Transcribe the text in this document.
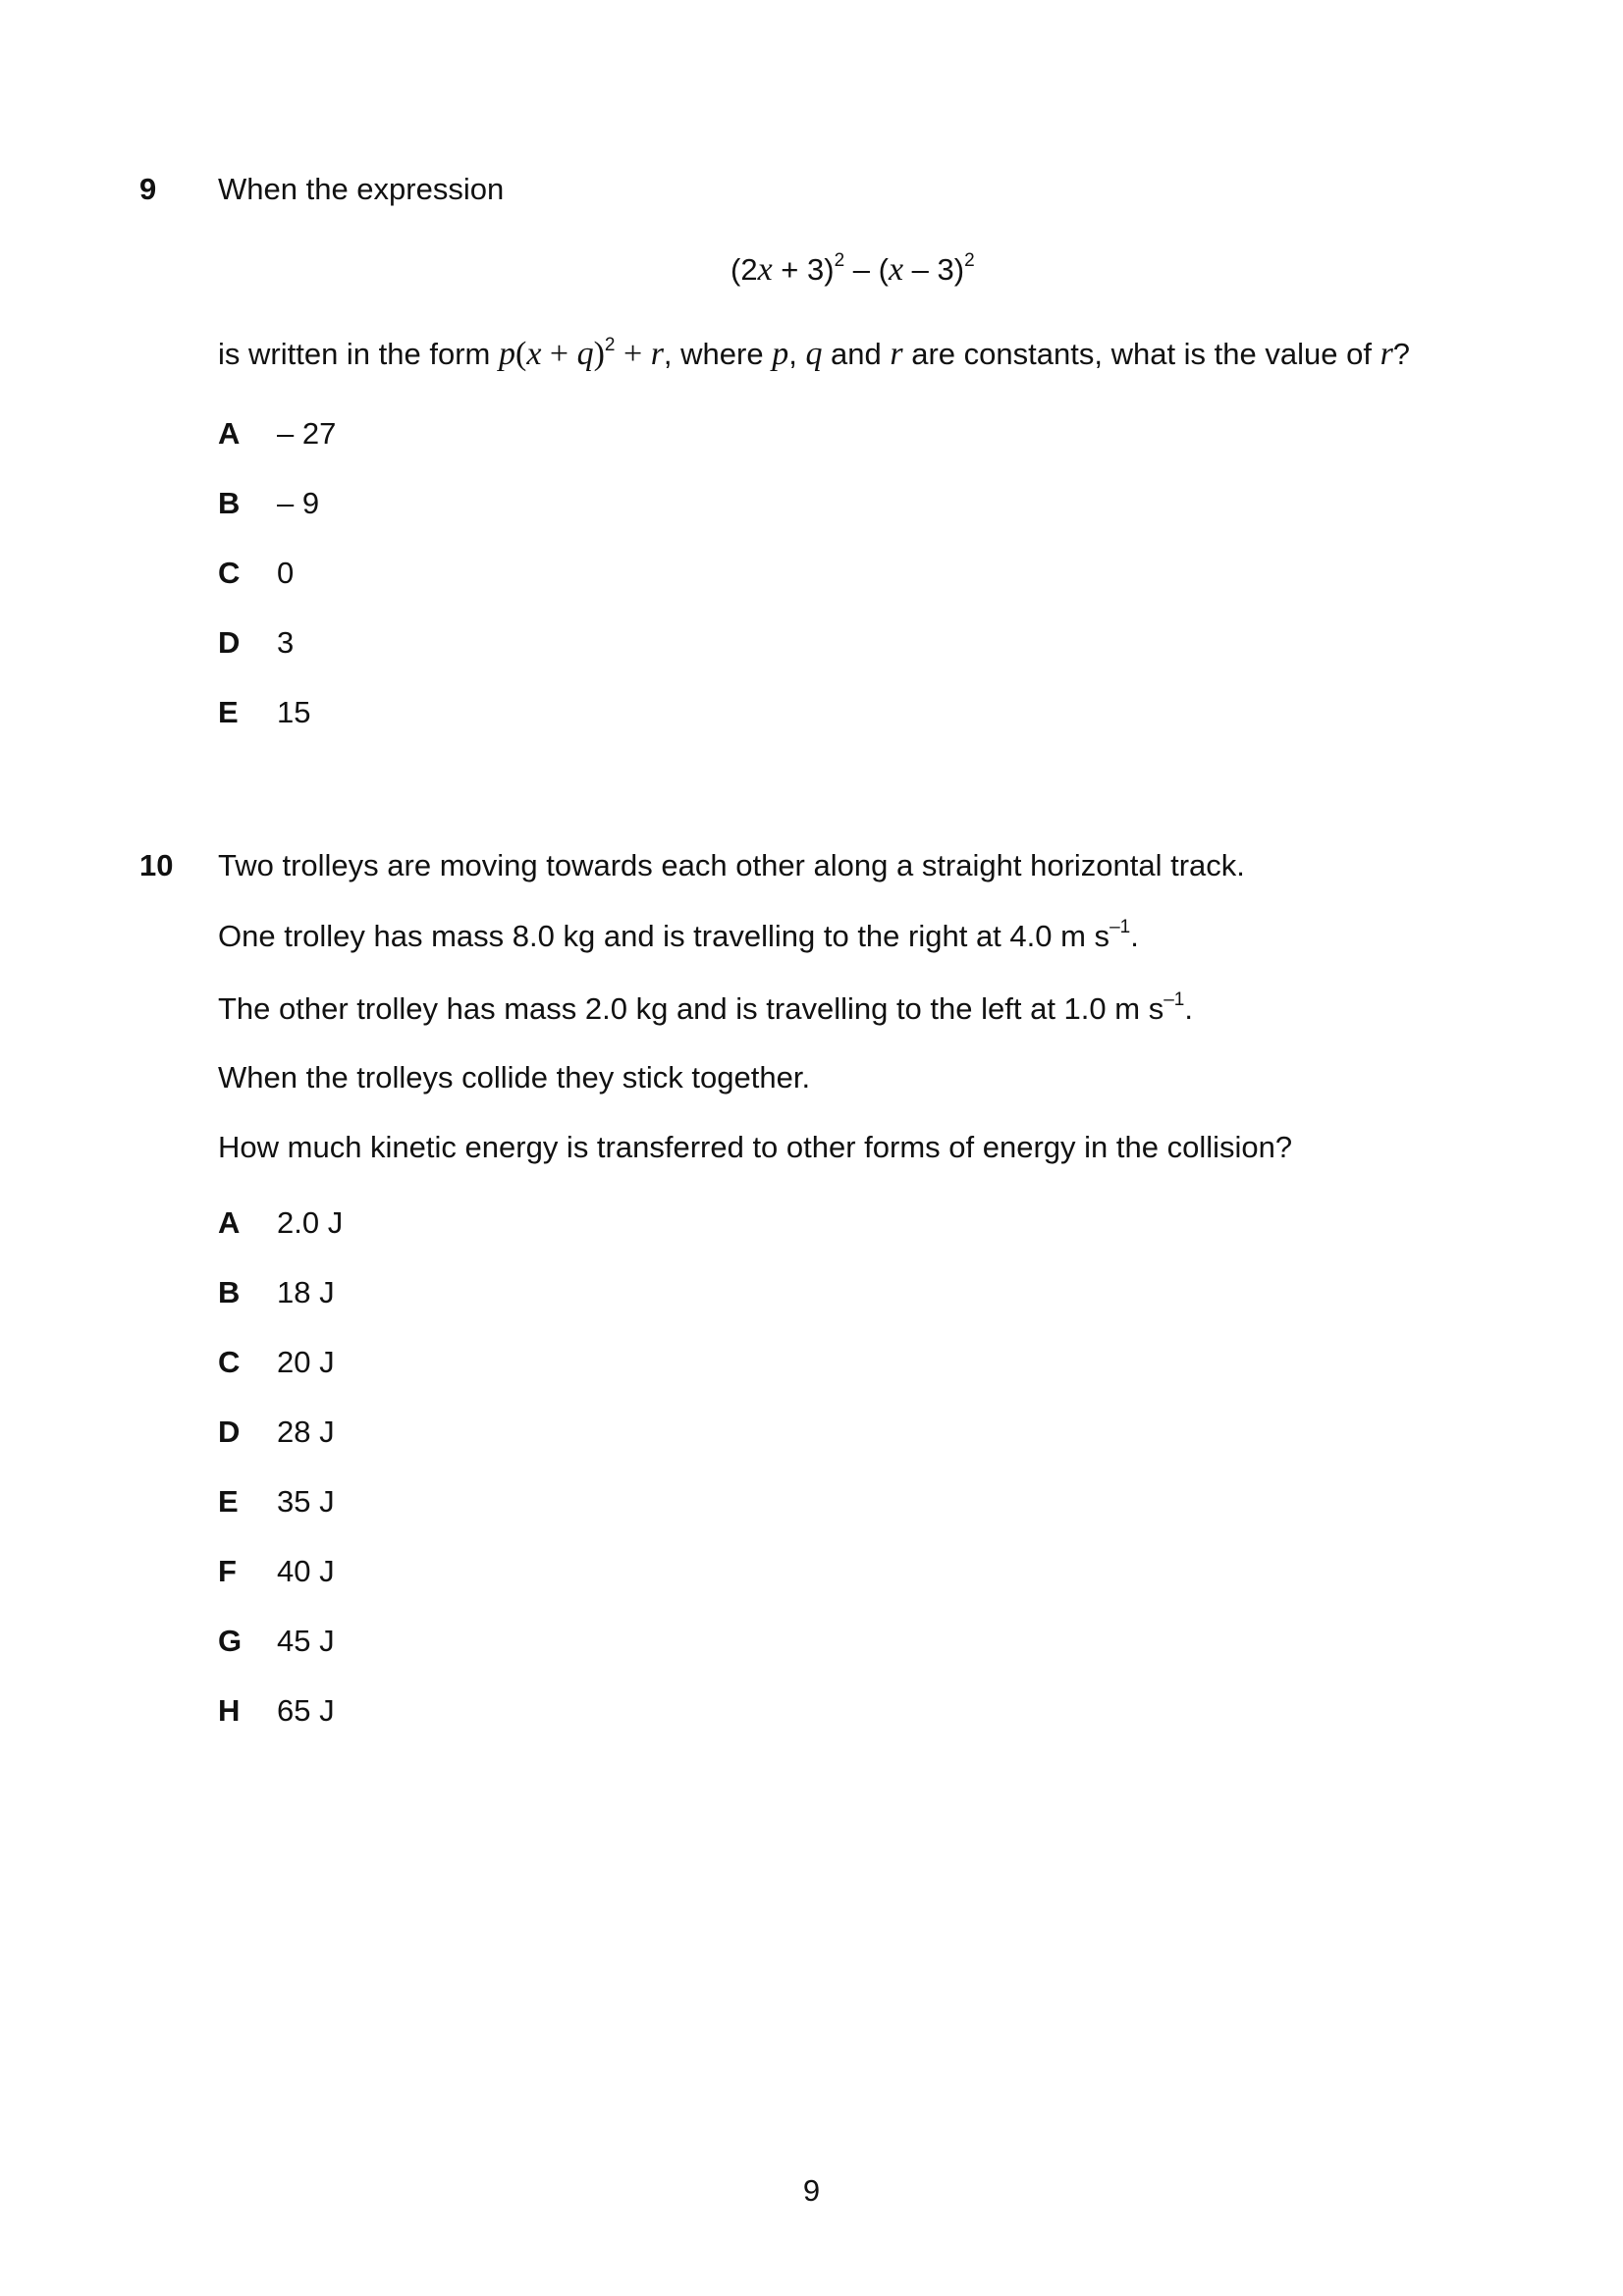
9 When the expression
$(2x + 3)^2 - (x - 3)^2$
is written in the form $p(x + q)^2 + r$, where p, q and r are constants, what is the value of r?
A – 27
B – 9
C 0
D 3
E 15
10 Two trolleys are moving towards each other along a straight horizontal track.
One trolley has mass 8.0 kg and is travelling to the right at 4.0 m $s^{-1}$.
The other trolley has mass 2.0 kg and is travelling to the left at 1.0 m $s^{-1}$.
When the trolleys collide they stick together.
How much kinetic energy is transferred to other forms of energy in the collision?
A 2.0 J
B 18 J
C 20 J
D 28 J
E 35 J
F 40 J
G 45 J
H 65 J
9
